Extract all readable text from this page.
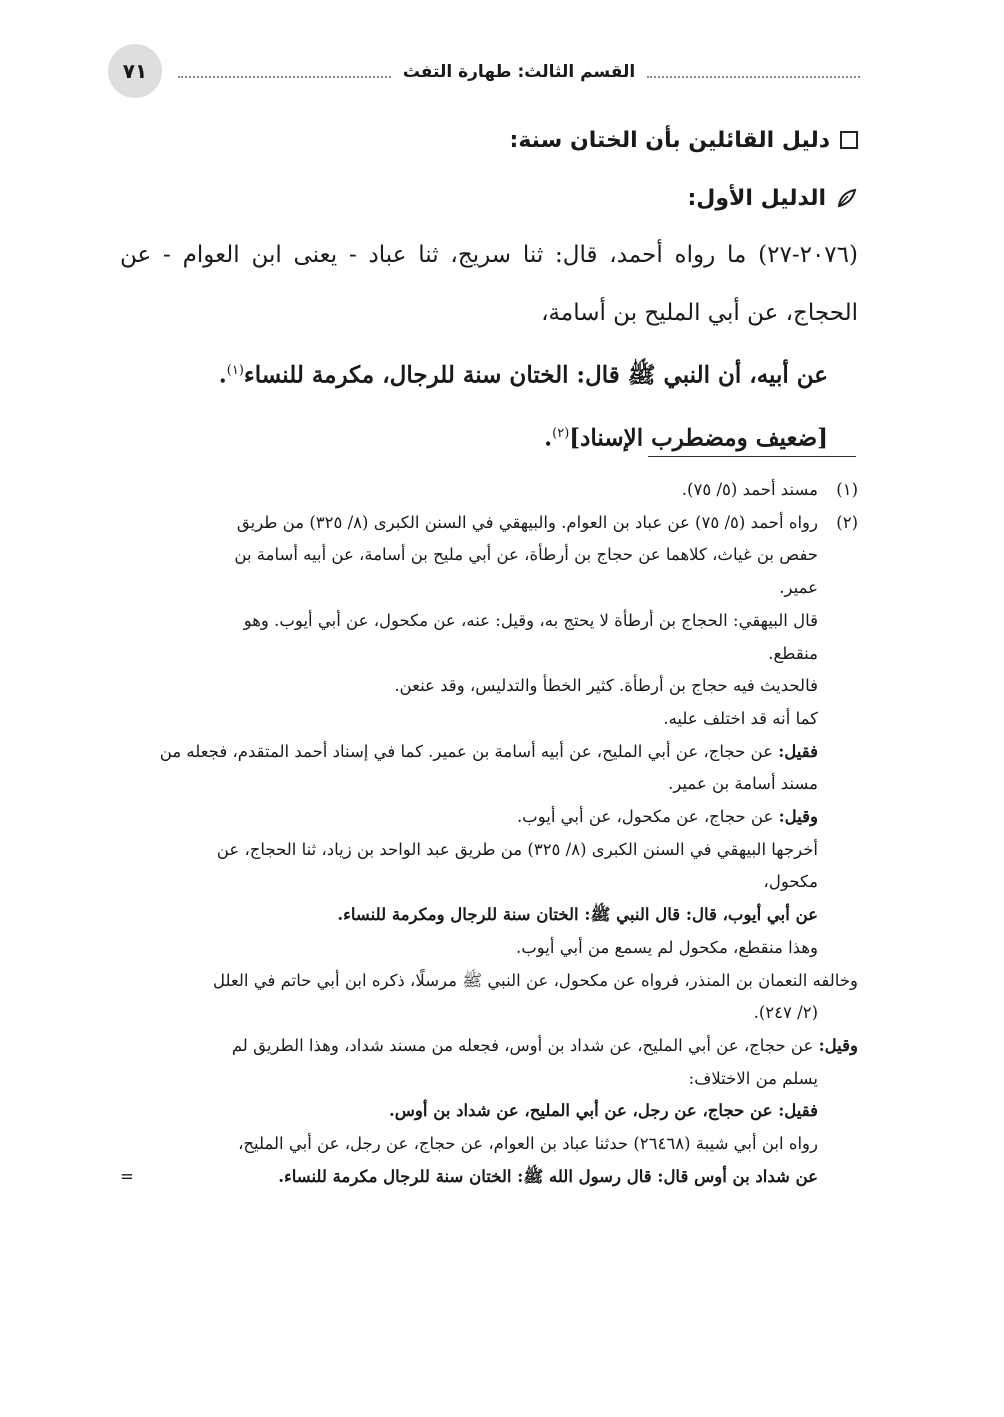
٧١	القسم الثالث: طهارة التفث
دليل القائلين بأن الختان سنة:
الدليل الأول:
(٢٠٧٦-٢٧) ما رواه أحمد، قال: ثنا سريج، ثنا عباد - يعنى ابن العوام - عن
الحجاج، عن أبي المليح بن أسامة،
عن أبيه، أن النبي ﷺ قال: الختان سنة للرجال، مكرمة للنساء$^{(١)}$.
[ضعيف ومضطرب الإسناد]$^{(٢)}$.
(١)مسند أحمد (٥/ ٧٥).
(٢)رواه أحمد (٥/ ٧٥) عن عباد بن العوام. والبيهقي في السنن الكبرى (٨/ ٣٢٥) من طريق
حفص بن غياث، كلاهما عن حجاج بن أرطأة، عن أبي مليح بن أسامة، عن أبيه أسامة بن
عمير.
قال البيهقي: الحجاج بن أرطأة لا يحتج به، وقيل: عنه، عن مكحول، عن أبي أيوب. وهو
منقطع.
فالحديث فيه حجاج بن أرطأة. كثير الخطأ والتدليس، وقد عنعن.
كما أنه قد اختلف عليه.
فقيل: عن حجاج، عن أبي المليح، عن أبيه أسامة بن عمير. كما في إسناد أحمد المتقدم، فجعله من
مسند أسامة بن عمير.
وقيل: عن حجاج، عن مكحول، عن أبي أيوب.
أخرجها البيهقي في السنن الكبرى (٨/ ٣٢٥) من طريق عبد الواحد بن زياد، ثنا الحجاج، عن
مكحول،
عن أبي أيوب، قال: قال النبي ﷺ: الختان سنة للرجال ومكرمة للنساء.
وهذا منقطع، مكحول لم يسمع من أبي أيوب.
وخالفه النعمان بن المنذر، فرواه عن مكحول، عن النبي ﷺ مرسلًا، ذكره ابن أبي حاتم في العلل
(٢/ ٢٤٧).
وقيل: عن حجاج، عن أبي المليح، عن شداد بن أوس، فجعله من مسند شداد، وهذا الطريق لم
يسلم من الاختلاف:
فقيل: عن حجاج، عن رجل، عن أبي المليح، عن شداد بن أوس.
رواه ابن أبي شيبة (٢٦٤٦٨) حدثنا عباد بن العوام، عن حجاج، عن رجل، عن أبي المليح،
عن شداد بن أوس قال: قال رسول الله ﷺ: الختان سنة للرجال مكرمة للنساء.
=
